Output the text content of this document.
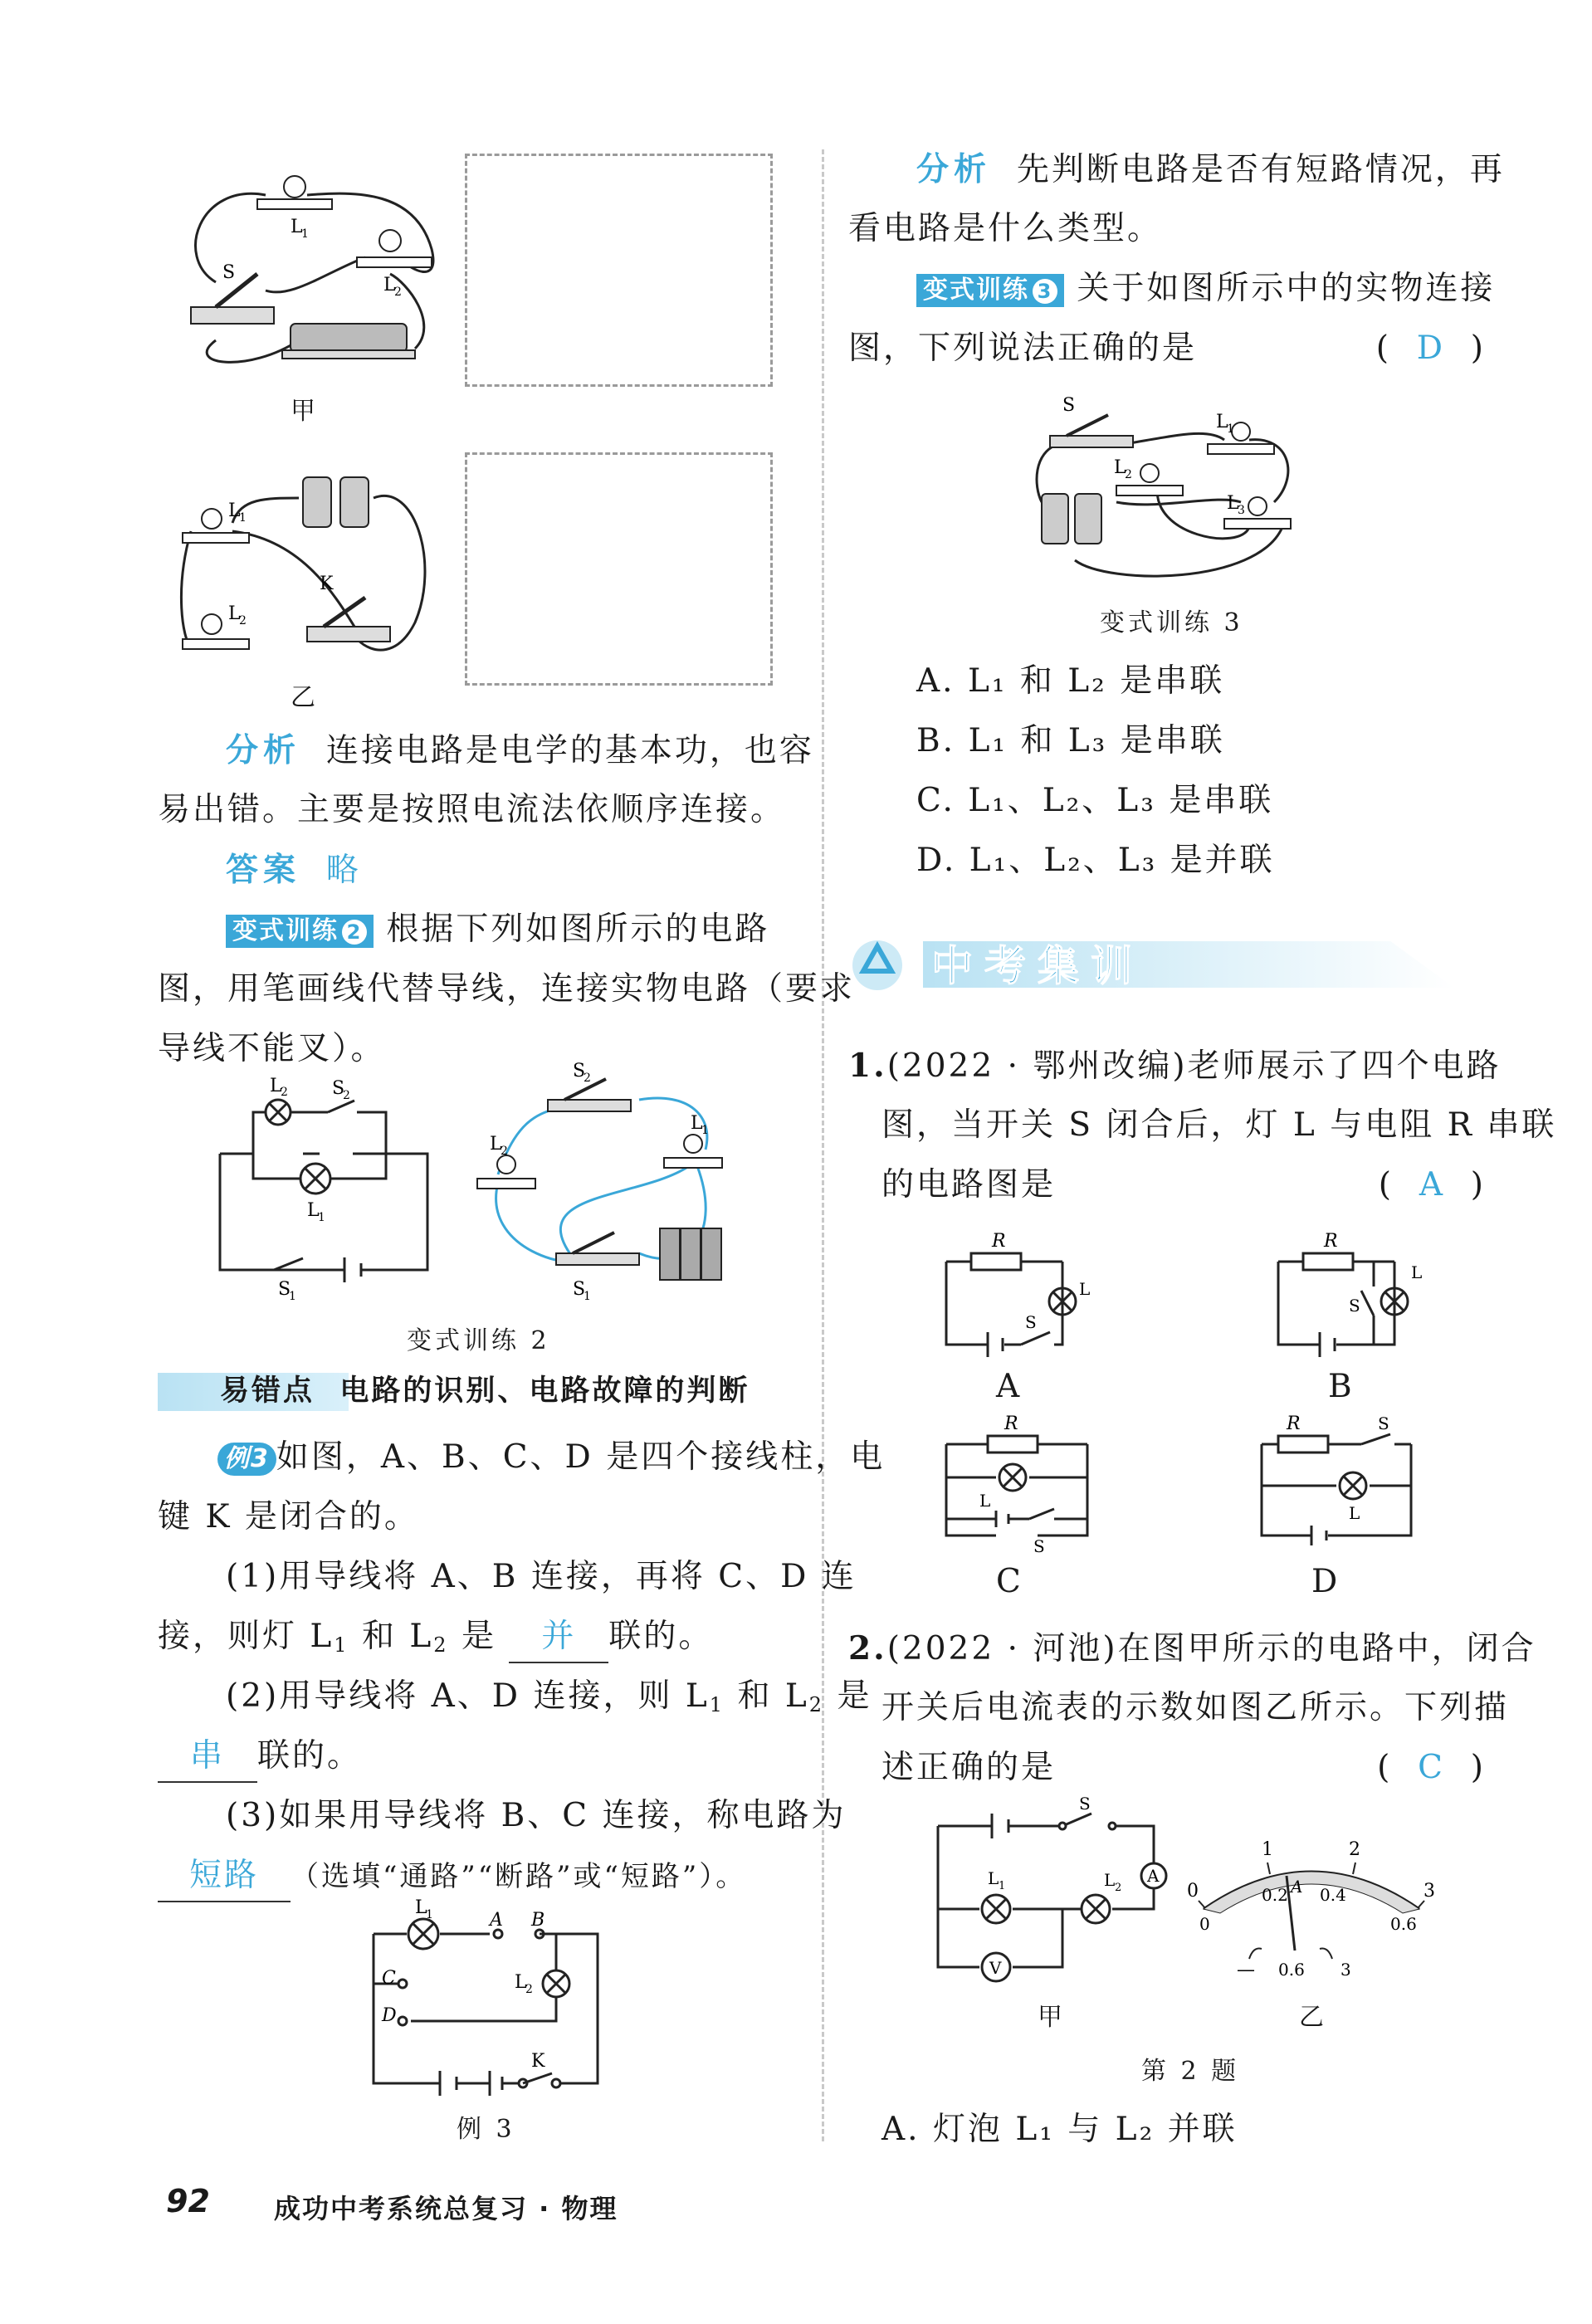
L
1
L
2
S
甲
L
1
L
2
K
乙
分析 连接电路是电学的基本功，也容
易出错。主要是按照电流法依顺序连接。
答案 略
变式训练 2 根据下列如图所示的电路
图，用笔画线代替导线，连接实物电路（要求
导线不能叉）。
L
2 S
2
L
1
S
1
S
2
L
2
L
1
S
1
变式训练 2
易错点 电路的识别、电路故障的判断
例3 如图，A、B、C、D 是四个接线柱，电
键 K 是闭合的。
(1)用导线将 A、B 连接，再将 C、D 连
接，则灯 $L_1$ 和 $L_2$ 是 并 联的。
(2)用导线将 A、D 连接，则 $L_1$ 和 $L_2$ 是
串 联的。
(3)如果用导线将 B、C 连接，称电路为
短路 （选填“通路”“断路”或“短路”）。
L
1	A B
C
D
L
2
K
例 3
分析 先判断电路是否有短路情况，再
看电路是什么类型。
变式训练 3 关于如图所示中的实物连接
图，下列说法正确的是	(  D  )
S
L
1
L
2
L
3
变式训练 3
A. L₁ 和 L₂ 是串联
B. L₁ 和 L₃ 是串联
C. L₁、L₂、L₃ 是串联
D. L₁、L₂、L₃ 是并联
中考集训
1.(2022 · 鄂州改编)老师展示了四个电路
图，当开关 S 闭合后，灯 L 与电阻 R 串联
的电路图是	(  A  )
R
L
S
A
R
L
S
B
R
L
S
C
R	S
L
D
2.(2022 · 河池)在图甲所示的电路中，闭合
开关后电流表的示数如图乙所示。下列描
述正确的是	(  C  )
S
A
L 1	L 2
V
甲
0
1	2
3
0
0.2 0.4
0.6
A
— 0.6 3
乙
第 2 题
A. 灯泡 L₁ 与 L₂ 并联
92 成功中考系统总复习 · 物理
